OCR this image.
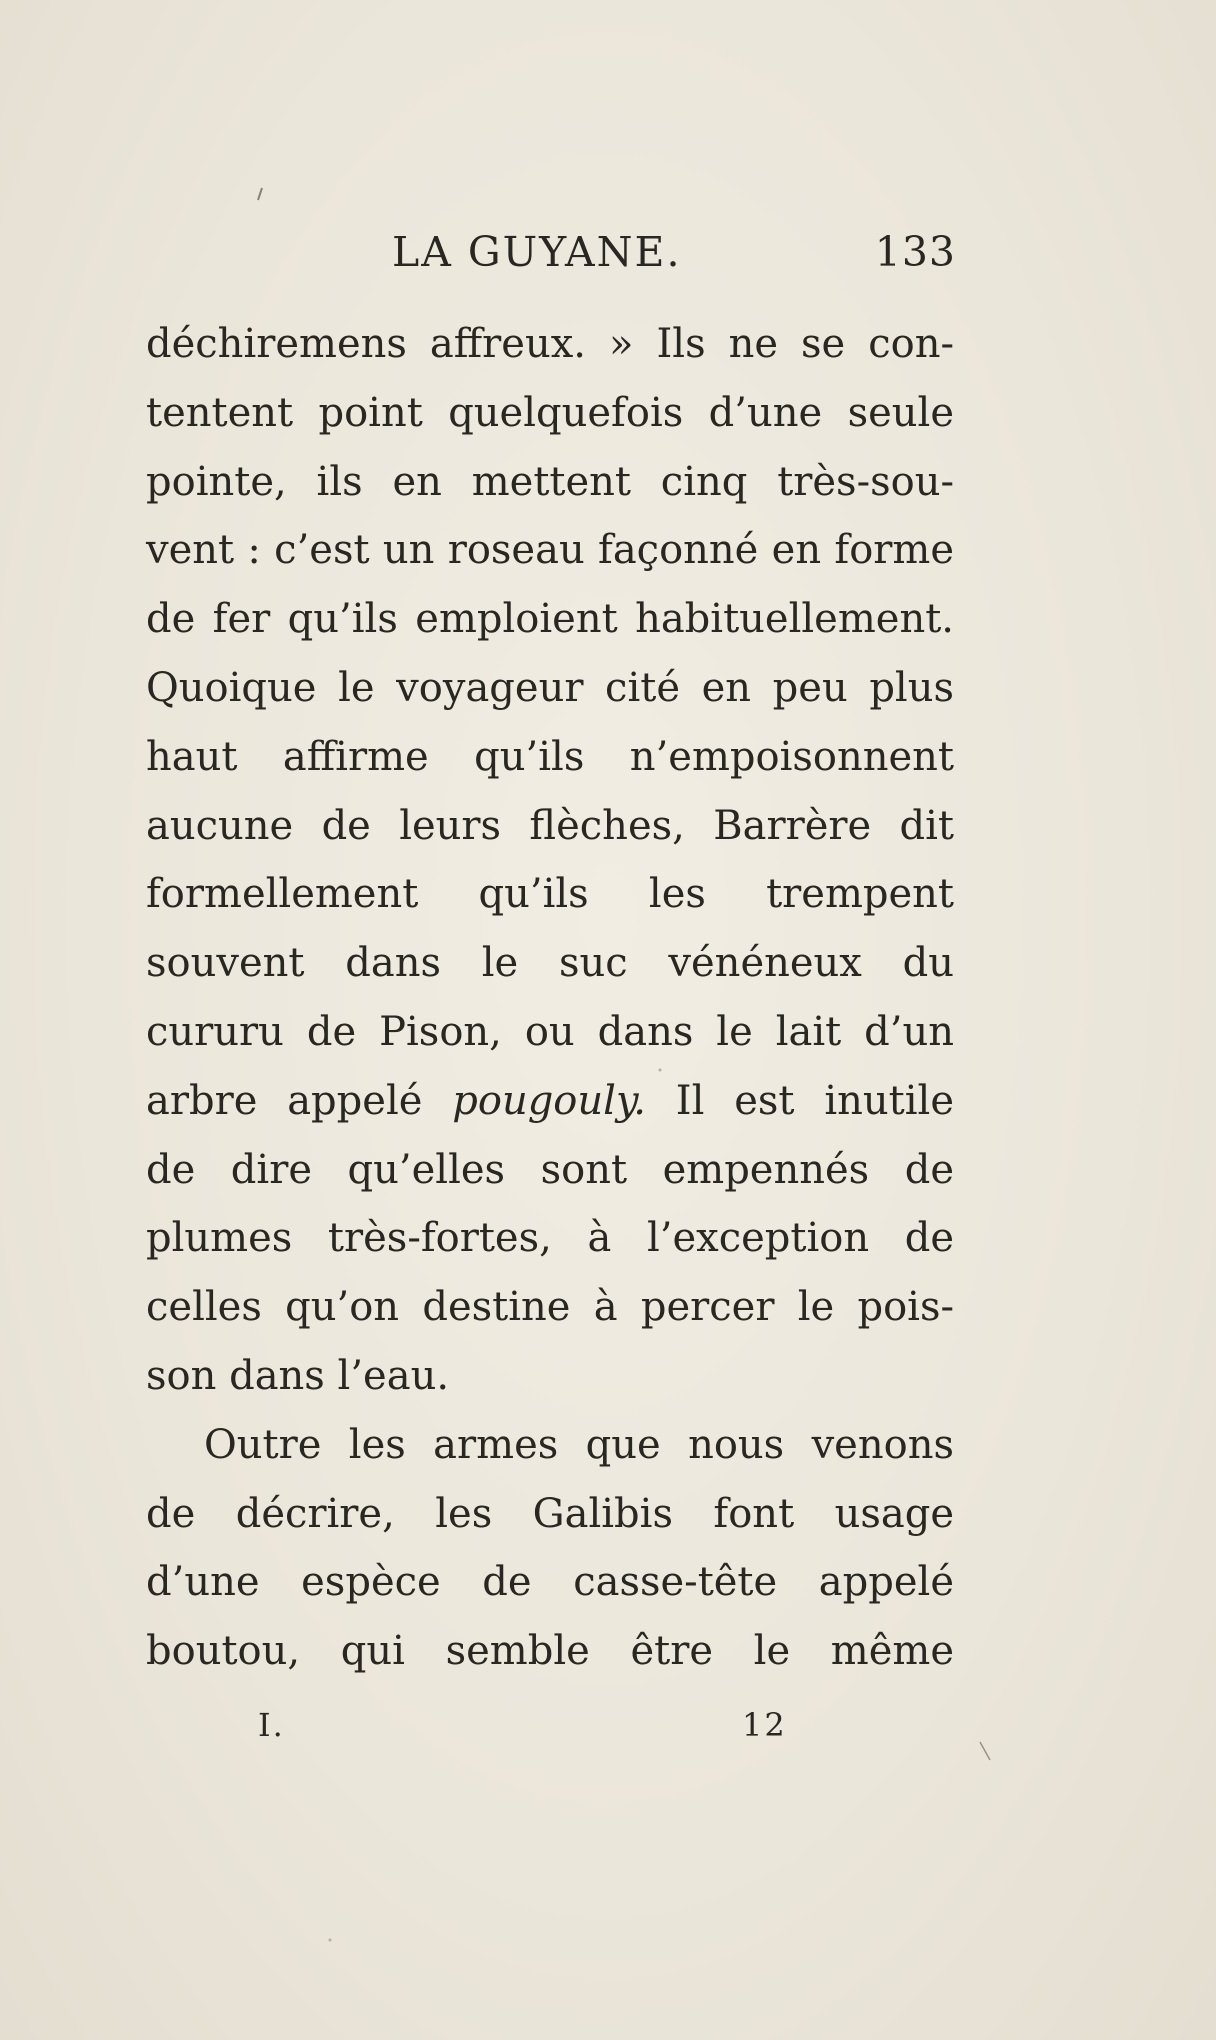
LA GUYANE.	133
déchiremens affreux. » Ils ne se con-
tentent point quelquefois d’une seule
pointe, ils en mettent cinq très-sou-
vent : c’est un roseau façonné en forme
de fer qu’ils emploient habituellement.
Quoique le voyageur cité en peu plus
haut affirme qu’ils n’empoisonnent
aucune de leurs flèches, Barrère dit
formellement qu’ils les trempent
souvent dans le suc vénéneux du
cururu de Pison, ou dans le lait d’un
arbre appelé pougouly. Il est inutile
de dire qu’elles sont empennés de
plumes très-fortes, à l’exception de
celles qu’on destine à percer le pois-
son dans l’eau.
Outre les armes que nous venons
de décrire, les Galibis font usage
d’une espèce de casse-tête appelé
boutou, qui semble être le même
I.	12
